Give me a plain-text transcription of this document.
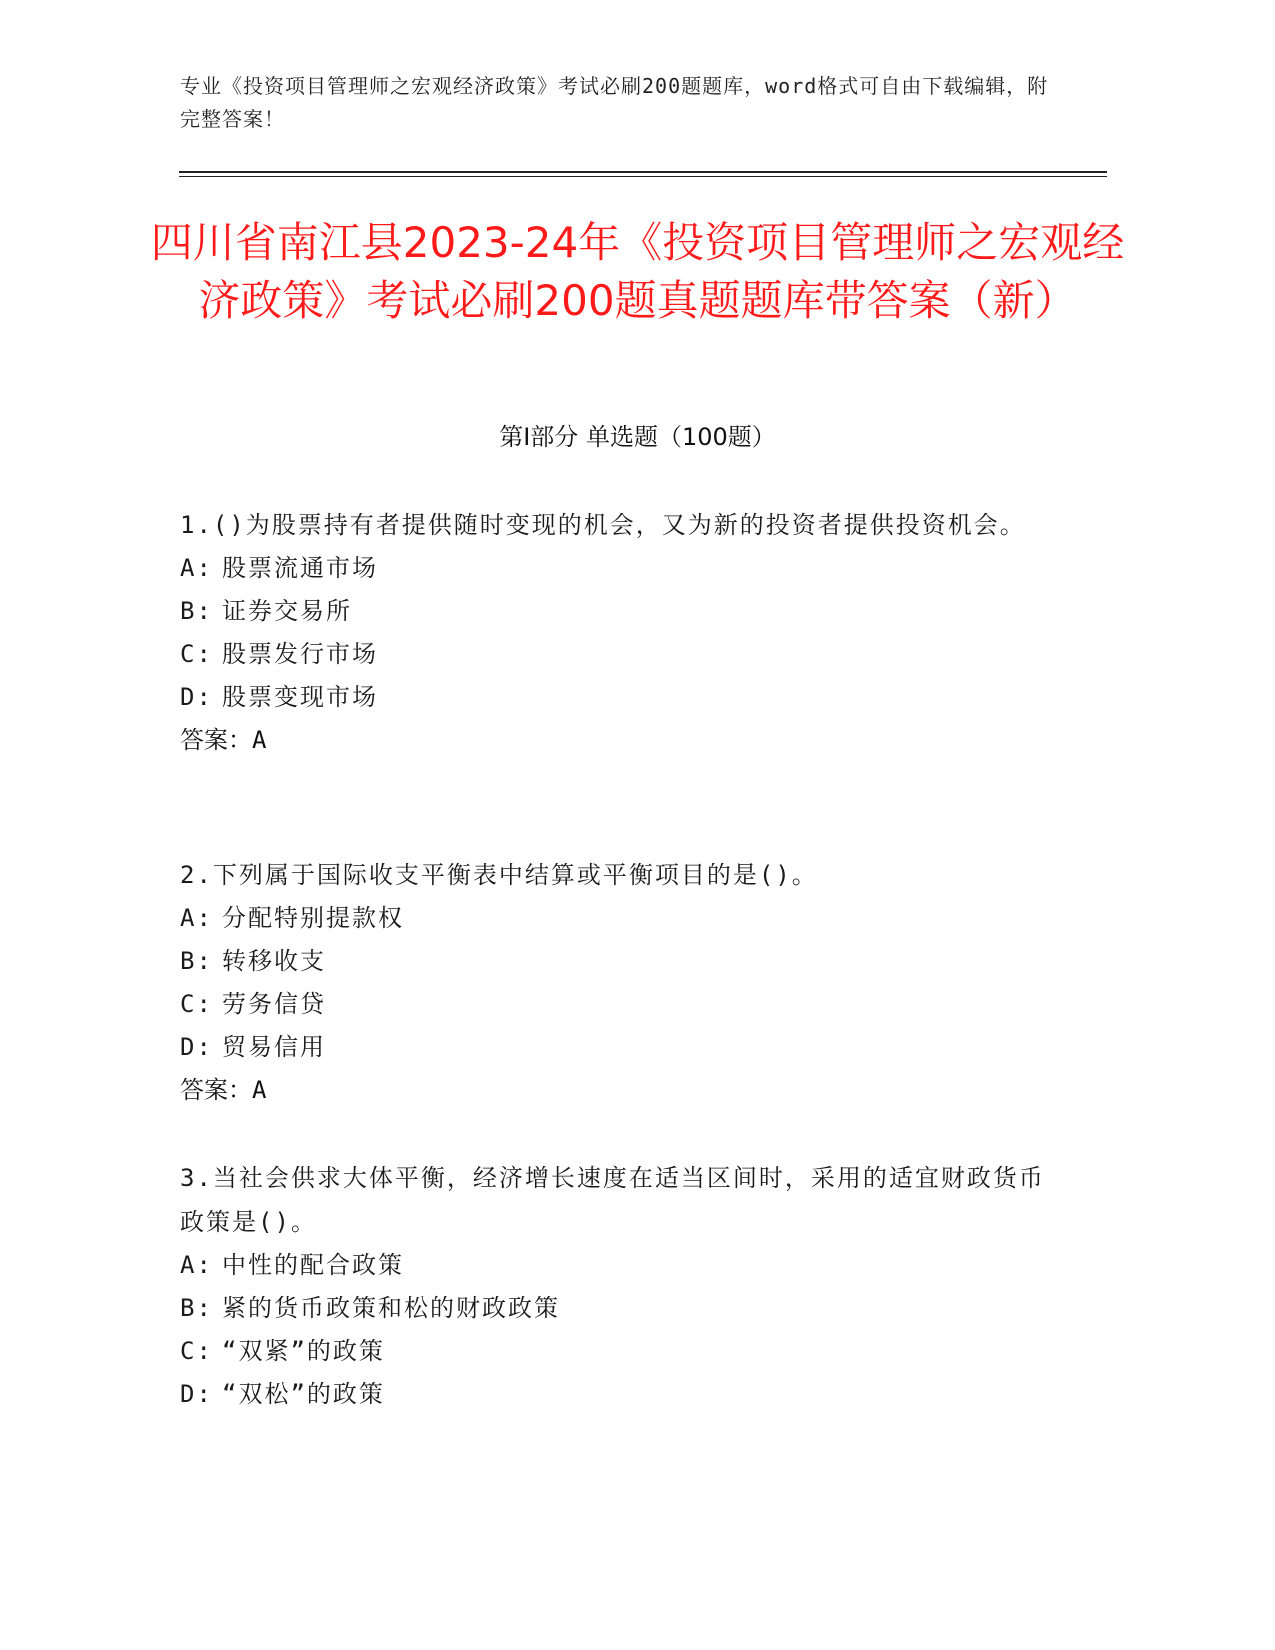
专业《投资项目管理师之宏观经济政策》考试必刷200题题库，word格式可自由下载编辑，附完整答案！
四川省南江县2023-24年《投资项目管理师之宏观经济政策》考试必刷200题真题题库带答案（新）
第I部分 单选题（100题）
1.()为股票持有者提供随时变现的机会，又为新的投资者提供投资机会。
A: 股票流通市场
B: 证券交易所
C: 股票发行市场
D: 股票变现市场
答案：A
2.下列属于国际收支平衡表中结算或平衡项目的是()。
A: 分配特别提款权
B: 转移收支
C: 劳务信贷
D: 贸易信用
答案：A
3.当社会供求大体平衡，经济增长速度在适当区间时，采用的适宜财政货币政策是()。
A: 中性的配合政策
B: 紧的货币政策和松的财政政策
C: “双紧”的政策
D: “双松”的政策
